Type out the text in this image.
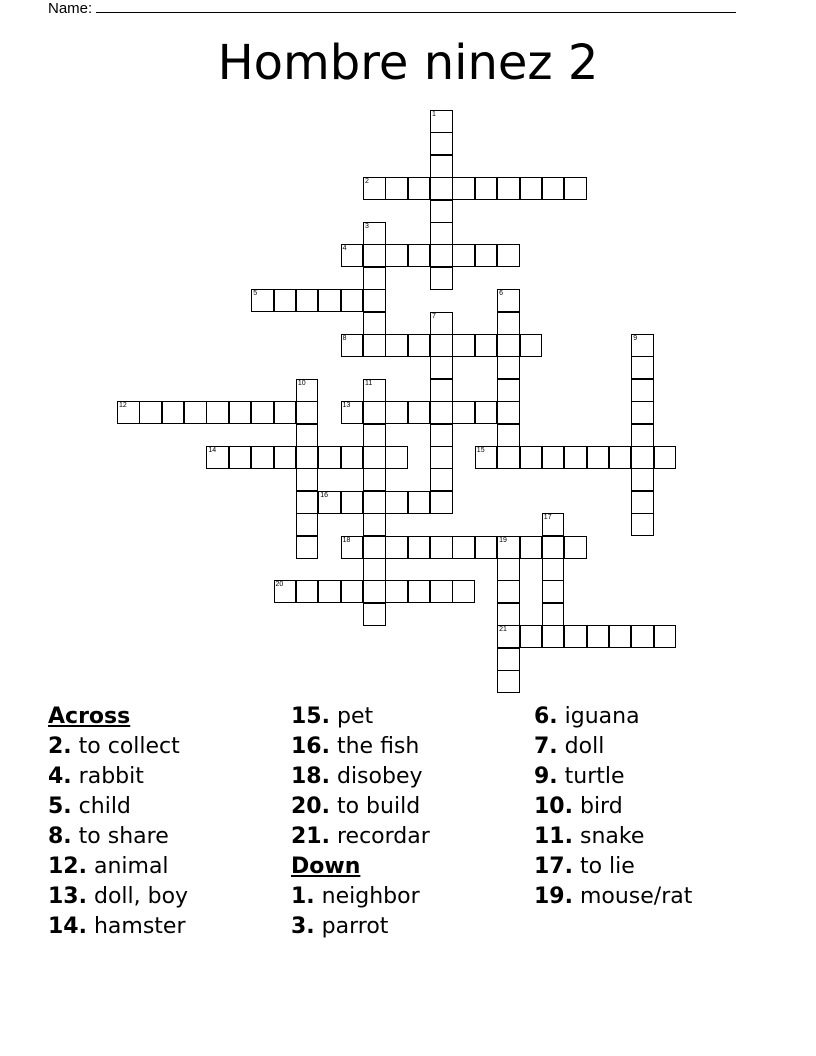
Name:
Hombre ninez 2
1
2
3
4
5	6
7
8	9
10	11
12	13
14	15
16
17
18	19
21
20
Across
2. to collect
4. rabbit
5. child
8. to share
12. animal
13. doll, boy
14. hamster
15. pet
16. the fish
18. disobey
20. to build
21. recordar
Down
1. neighbor
3. parrot
6. iguana
7. doll
9. turtle
10. bird
11. snake
17. to lie
19. mouse/rat
